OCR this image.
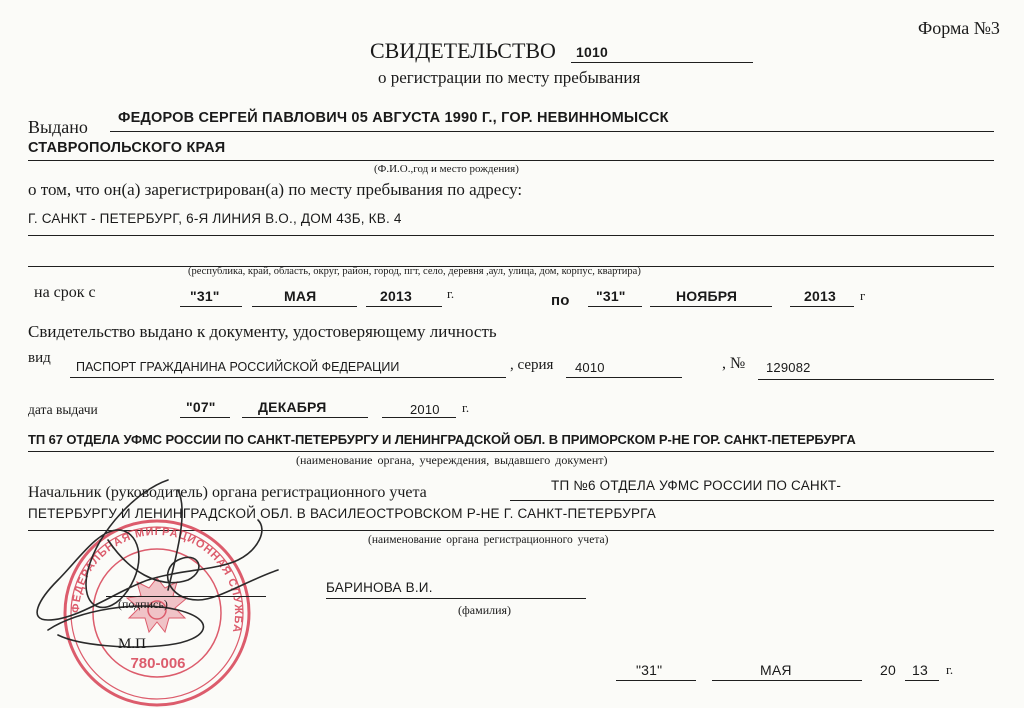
Форма №3
СВИДЕТЕЛЬСТВО 1010
о регистрации по месту пребывания
Выдано ФЕДОРОВ СЕРГЕЙ ПАВЛОВИЧ 05 АВГУСТА 1990 Г., ГОР. НЕВИННОМЫССК
СТАВРОПОЛЬСКОГО КРАЯ
(Ф.И.О.,год и место рождения)
о том, что он(а) зарегистрирован(а) по месту пребывания по адресу:
Г. САНКТ - ПЕТЕРБУРГ, 6-Я ЛИНИЯ В.О., ДОМ 43Б, КВ. 4
(республика, край, область, округ, район, город, пгт, село, деревня ,аул, улица, дом, корпус, квартира)
на срок с	"31"	МАЯ	2013	г.	по "31"	НОЯБРЯ	2013 г
Свидетельство выдано к документу, удостоверяющему личность
вид
ПАСПОРТ ГРАЖДАНИНА РОССИЙСКОЙ ФЕДЕРАЦИИ	, серия 4010	, № 129082
дата выдачи	"07"	ДЕКАБРЯ	2010 г.
ТП 67 ОТДЕЛА УФМС РОССИИ ПО САНКТ-ПЕТЕРБУРГУ И ЛЕНИНГРАДСКОЙ ОБЛ. В ПРИМОРСКОМ Р-НЕ ГОР. САНКТ-ПЕТЕРБУРГА
(наименование органа, учереждения, выдавшего документ)
Начальник (руководитель) органа регистрационного учета	ТП №6 ОТДЕЛА УФМС РОССИИ ПО САНКТ-
ПЕТЕРБУРГУ И ЛЕНИНГРАДСКОЙ ОБЛ. В ВАСИЛЕОСТРОВСКОМ Р-НЕ Г. САНКТ-ПЕТЕРБУРГА
(наименование органа регистрационного учета)
ФЕДЕРАЛЬНАЯ МИГРАЦИОННАЯ СЛУЖБА
780-006
(подпись)
М.П
БАРИНОВА В.И.
(фамилия)
"31"	МАЯ	20 13 г.
